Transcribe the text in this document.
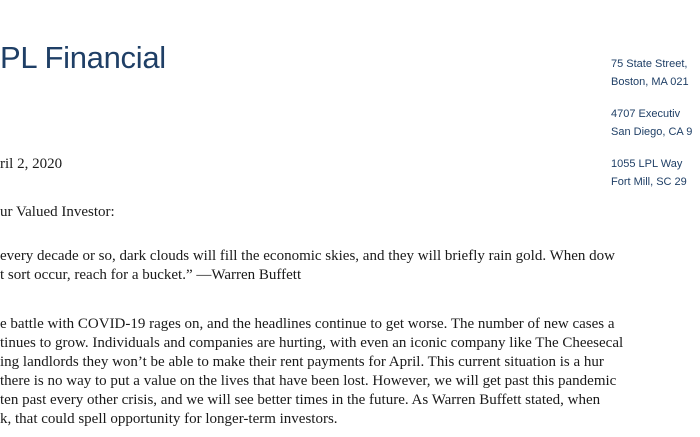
PL Financial	75 State Street,
Boston, MA 021
4707 Executiv
San Diego, CA 9
1055 LPL Way
Fort Mill, SC 29
ril 2, 2020
ur Valued Investor:
every decade or so, dark clouds will fill the economic skies, and they will briefly rain gold. When dow
t sort occur, reach for a bucket.” —Warren Buffett
e battle with COVID-19 rages on, and the headlines continue to get worse. The number of new cases a
tinues to grow. Individuals and companies are hurting, with even an iconic company like The Cheesecal
ing landlords they won’t be able to make their rent payments for April. This current situation is a hur
there is no way to put a value on the lives that have been lost. However, we will get past this pandemic
ten past every other crisis, and we will see better times in the future. As Warren Buffett stated, when
k, that could spell opportunity for longer-term investors.
